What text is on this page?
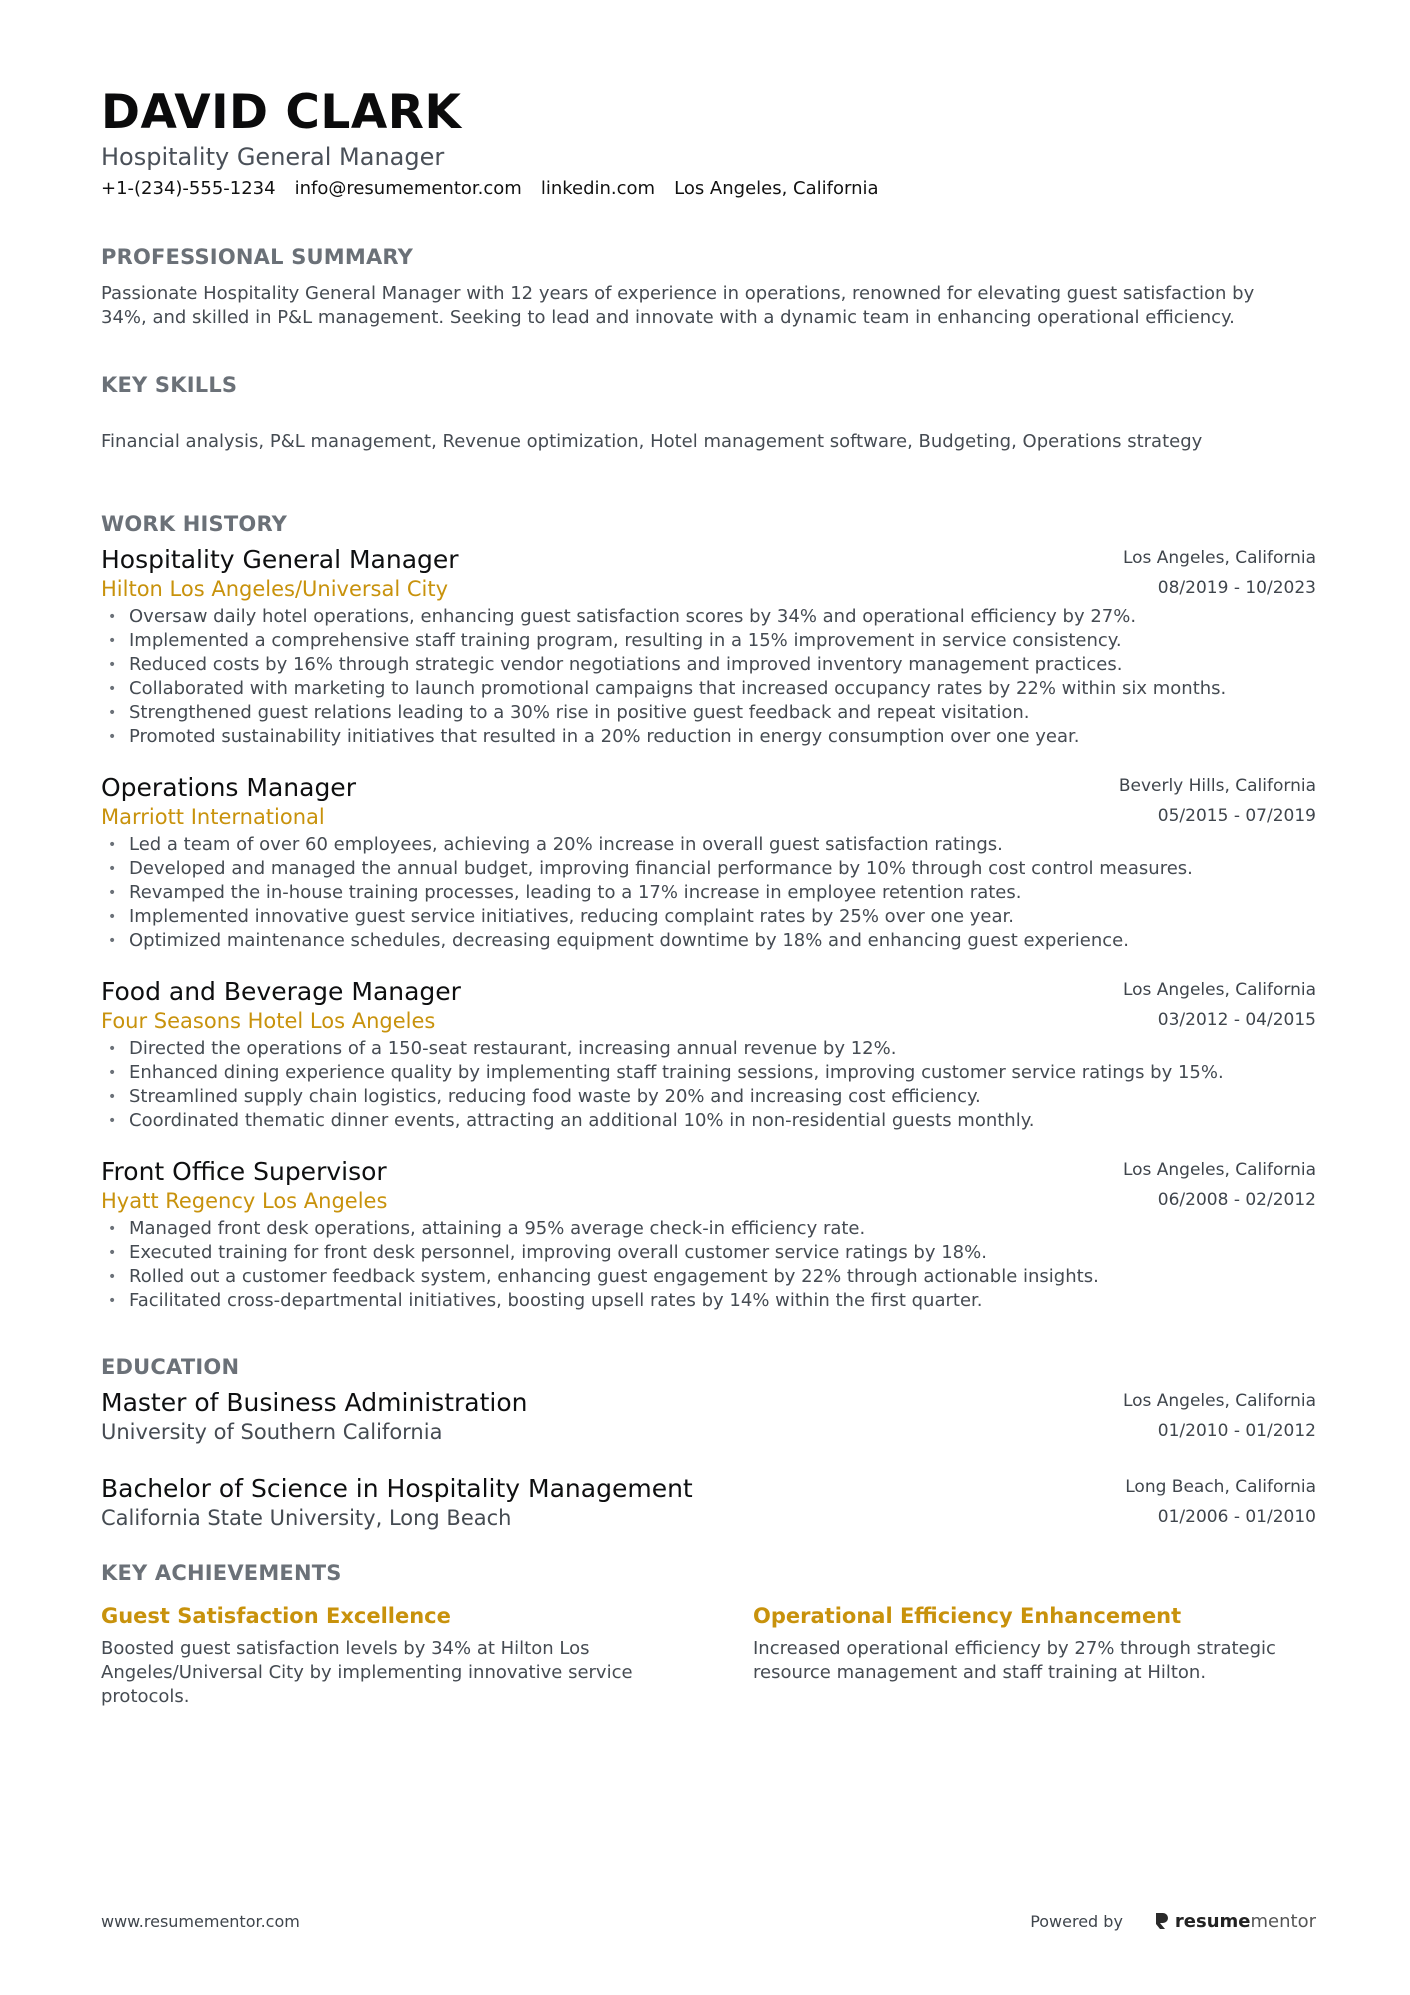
DAVID CLARK
Hospitality General Manager
+1-(234)-555-1234 info@resumementor.com linkedin.com Los Angeles, California
PROFESSIONAL SUMMARY
Passionate Hospitality General Manager with 12 years of experience in operations, renowned for elevating guest satisfaction by 34%, and skilled in P&L management. Seeking to lead and innovate with a dynamic team in enhancing operational efficiency.
KEY SKILLS
Financial analysis, P&L management, Revenue optimization, Hotel management software, Budgeting, Operations strategy
WORK HISTORY
Hospitality General Manager
Hilton Los Angeles/Universal City
Los Angeles, California
08/2019 - 10/2023
• Oversaw daily hotel operations, enhancing guest satisfaction scores by 34% and operational efficiency by 27%.
• Implemented a comprehensive staff training program, resulting in a 15% improvement in service consistency.
• Reduced costs by 16% through strategic vendor negotiations and improved inventory management practices.
• Collaborated with marketing to launch promotional campaigns that increased occupancy rates by 22% within six months.
• Strengthened guest relations leading to a 30% rise in positive guest feedback and repeat visitation.
• Promoted sustainability initiatives that resulted in a 20% reduction in energy consumption over one year.
Operations Manager
Marriott International
Beverly Hills, California
05/2015 - 07/2019
• Led a team of over 60 employees, achieving a 20% increase in overall guest satisfaction ratings.
• Developed and managed the annual budget, improving financial performance by 10% through cost control measures.
• Revamped the in-house training processes, leading to a 17% increase in employee retention rates.
• Implemented innovative guest service initiatives, reducing complaint rates by 25% over one year.
• Optimized maintenance schedules, decreasing equipment downtime by 18% and enhancing guest experience.
Food and Beverage Manager
Four Seasons Hotel Los Angeles
Los Angeles, California
03/2012 - 04/2015
• Directed the operations of a 150-seat restaurant, increasing annual revenue by 12%.
• Enhanced dining experience quality by implementing staff training sessions, improving customer service ratings by 15%.
• Streamlined supply chain logistics, reducing food waste by 20% and increasing cost efficiency.
• Coordinated thematic dinner events, attracting an additional 10% in non-residential guests monthly.
Front Office Supervisor
Hyatt Regency Los Angeles
Los Angeles, California
06/2008 - 02/2012
• Managed front desk operations, attaining a 95% average check-in efficiency rate.
• Executed training for front desk personnel, improving overall customer service ratings by 18%.
• Rolled out a customer feedback system, enhancing guest engagement by 22% through actionable insights.
• Facilitated cross-departmental initiatives, boosting upsell rates by 14% within the first quarter.
EDUCATION
Master of Business Administration
University of Southern California
Los Angeles, California
01/2010 - 01/2012
Bachelor of Science in Hospitality Management
California State University, Long Beach
Long Beach, California
01/2006 - 01/2010
KEY ACHIEVEMENTS
Guest Satisfaction Excellence
Boosted guest satisfaction levels by 34% at Hilton Los Angeles/Universal City by implementing innovative service protocols.
Operational Efficiency Enhancement
Increased operational efficiency by 27% through strategic resource management and staff training at Hilton.
www.resumementor.com	Powered by	resumementor
